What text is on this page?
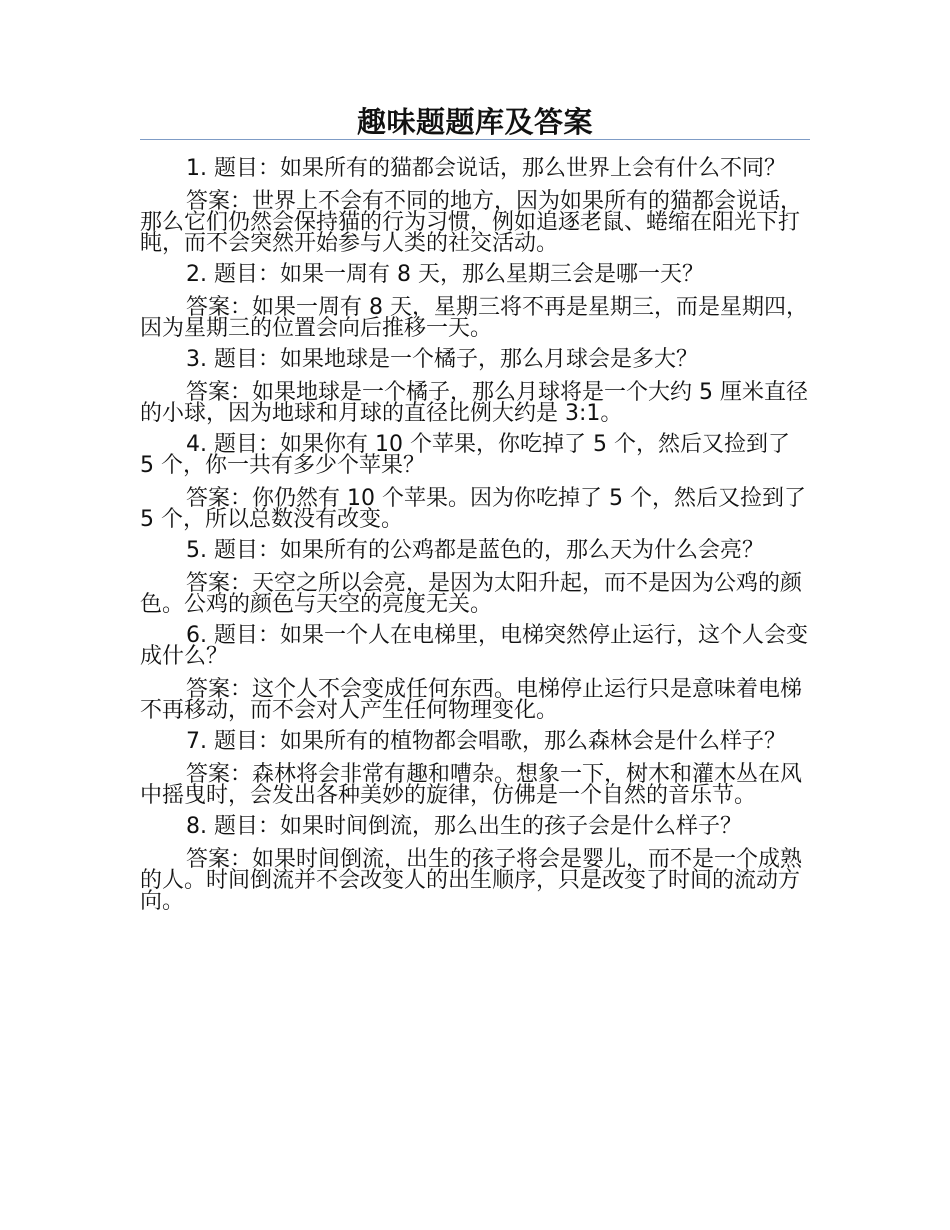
趣味题题库及答案

1. 题目：如果所有的猫都会说话，那么世界上会有什么不同？

答案：世界上不会有不同的地方，因为如果所有的猫都会说话，那么它们仍然会保持猫的行为习惯，例如追逐老鼠、蜷缩在阳光下打盹，而不会突然开始参与人类的社交活动。

2. 题目：如果一周有 8 天，那么星期三会是哪一天？

答案：如果一周有 8 天，星期三将不再是星期三，而是星期四，因为星期三的位置会向后推移一天。

3. 题目：如果地球是一个橘子，那么月球会是多大？

答案：如果地球是一个橘子，那么月球将是一个大约 5 厘米直径的小球，因为地球和月球的直径比例大约是 3:1。

4. 题目：如果你有 10 个苹果，你吃掉了 5 个，然后又捡到了 5 个，你一共有多少个苹果？

答案：你仍然有 10 个苹果。因为你吃掉了 5 个，然后又捡到了 5 个，所以总数没有改变。

5. 题目：如果所有的公鸡都是蓝色的，那么天为什么会亮？

答案：天空之所以会亮，是因为太阳升起，而不是因为公鸡的颜色。公鸡的颜色与天空的亮度无关。

6. 题目：如果一个人在电梯里，电梯突然停止运行，这个人会变成什么？

答案：这个人不会变成任何东西。电梯停止运行只是意味着电梯不再移动，而不会对人产生任何物理变化。

7. 题目：如果所有的植物都会唱歌，那么森林会是什么样子？

答案：森林将会非常有趣和嘈杂。想象一下，树木和灌木丛在风中摇曳时，会发出各种美妙的旋律，仿佛是一个自然的音乐节。

8. 题目：如果时间倒流，那么出生的孩子会是什么样子？

答案：如果时间倒流，出生的孩子将会是婴儿，而不是一个成熟的人。时间倒流并不会改变人的出生顺序，只是改变了时间的流动方向。
